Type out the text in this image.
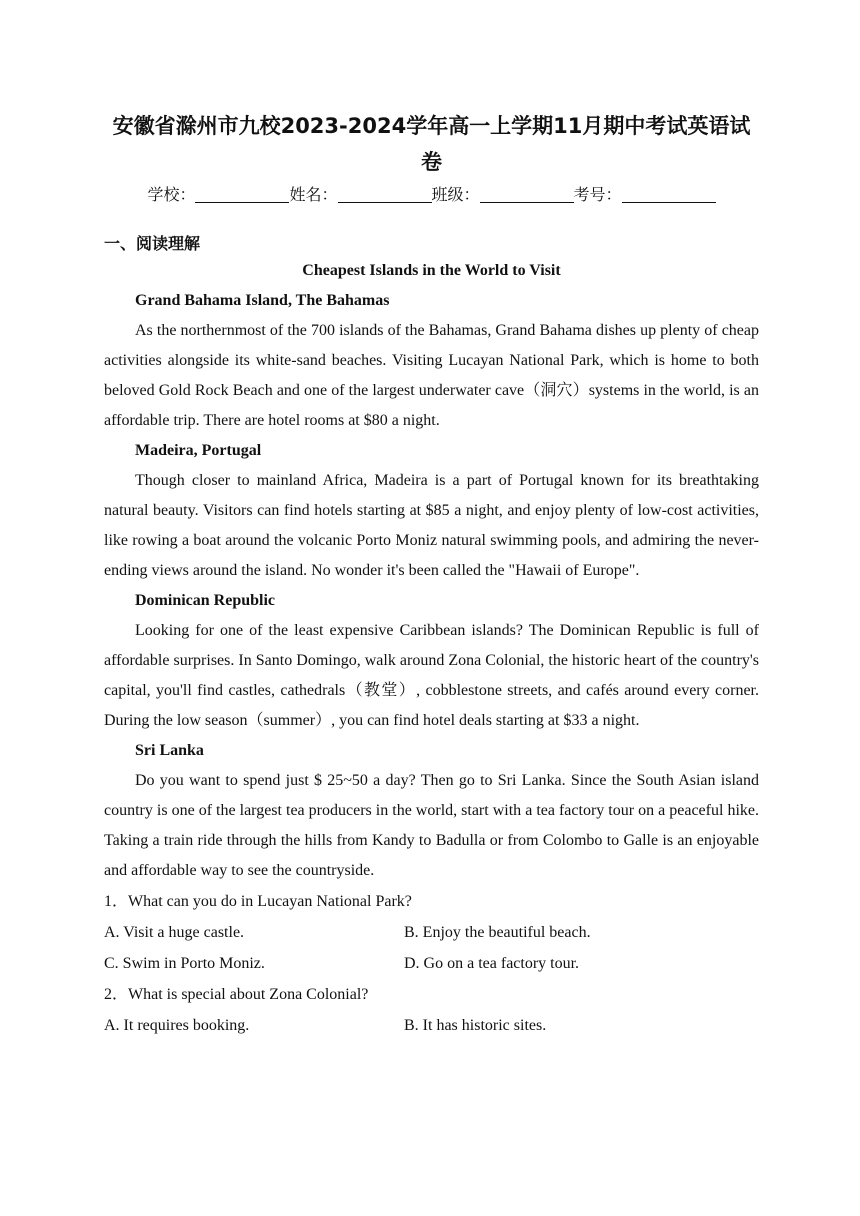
安徽省滁州市九校2023-2024学年高一上学期11月期中考试英语试卷
学校：	姓名：	班级：	考号：
一、阅读理解

Cheapest Islands in the World to Visit

Grand Bahama Island, The Bahamas

As the northernmost of the 700 islands of the Bahamas, Grand Bahama dishes up plenty of cheap activities alongside its white-sand beaches. Visiting Lucayan National Park, which is home to both beloved Gold Rock Beach and one of the largest underwater cave（洞穴）systems in the world, is an affordable trip. There are hotel rooms at $80 a night.

Madeira, Portugal

Though closer to mainland Africa, Madeira is a part of Portugal known for its breathtaking natural beauty. Visitors can find hotels starting at $85 a night, and enjoy plenty of low-cost activities, like rowing a boat around the volcanic Porto Moniz natural swimming pools, and admiring the never-ending views around the island. No wonder it's been called the "Hawaii of Europe".

Dominican Republic

Looking for one of the least expensive Caribbean islands? The Dominican Republic is full of affordable surprises. In Santo Domingo, walk around Zona Colonial, the historic heart of the country's capital, you'll find castles, cathedrals（教堂）, cobblestone streets, and cafés around every corner. During the low season（summer）, you can find hotel deals starting at $33 a night.

Sri Lanka

Do you want to spend just $ 25~50 a day? Then go to Sri Lanka. Since the South Asian island country is one of the largest tea producers in the world, start with a tea factory tour on a peaceful hike. Taking a train ride through the hills from Kandy to Badulla or from Colombo to Galle is an enjoyable and affordable way to see the countryside.

1．What can you do in Lucayan National Park?

A. Visit a huge castle.	B. Enjoy the beautiful beach.
C. Swim in Porto Moniz.	D. Go on a tea factory tour.

2．What is special about Zona Colonial?

A. It requires booking.	B. It has historic sites.
